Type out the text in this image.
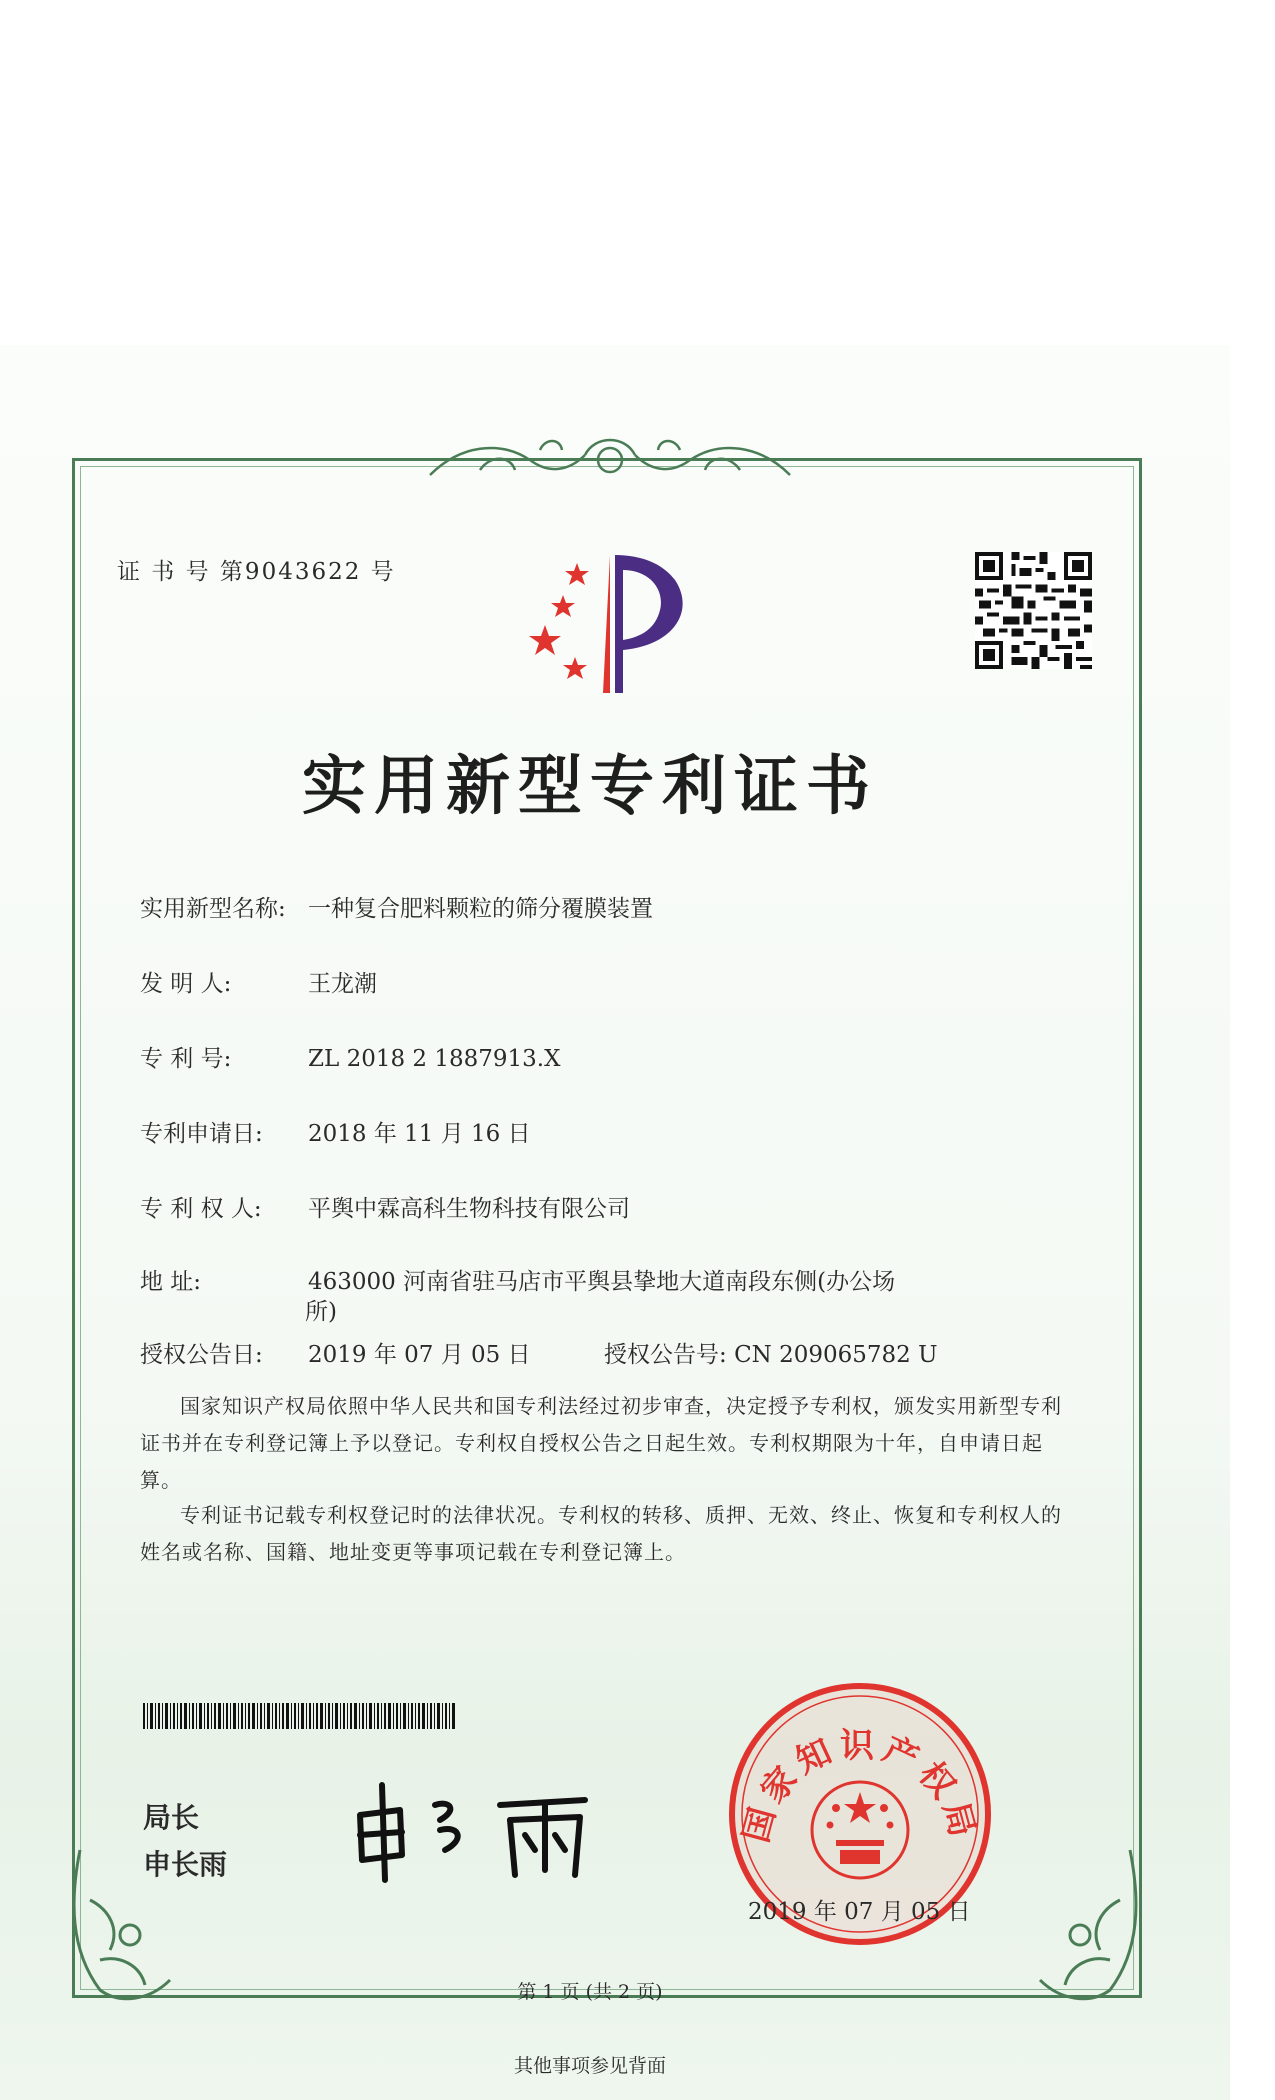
证 书 号 第9043622 号
实用新型专利证书
实用新型名称: 一种复合肥料颗粒的筛分覆膜装置
发 明 人:	王龙潮
专 利 号:	ZL 2018 2 1887913.X
专利申请日: 2018 年 11 月 16 日
专 利 权 人: 平舆中霖高科生物科技有限公司
地 址:	463000 河南省驻马店市平舆县挚地大道南段东侧(办公场
所)
授权公告日: 2019 年 07 月 05 日	授权公告号: CN 209065782 U
国家知识产权局依照中华人民共和国专利法经过初步审查，决定授予专利权，颁发实用新型专利证书并在专利登记簿上予以登记。专利权自授权公告之日起生效。专利权期限为十年，自申请日起算。
专利证书记载专利权登记时的法律状况。专利权的转移、质押、无效、终止、恢复和专利权人的姓名或名称、国籍、地址变更等事项记载在专利登记簿上。
局长
申长雨
国家知识产权局
2019 年 07 月 05 日
第 1 页 (共 2 页)
其他事项参见背面
